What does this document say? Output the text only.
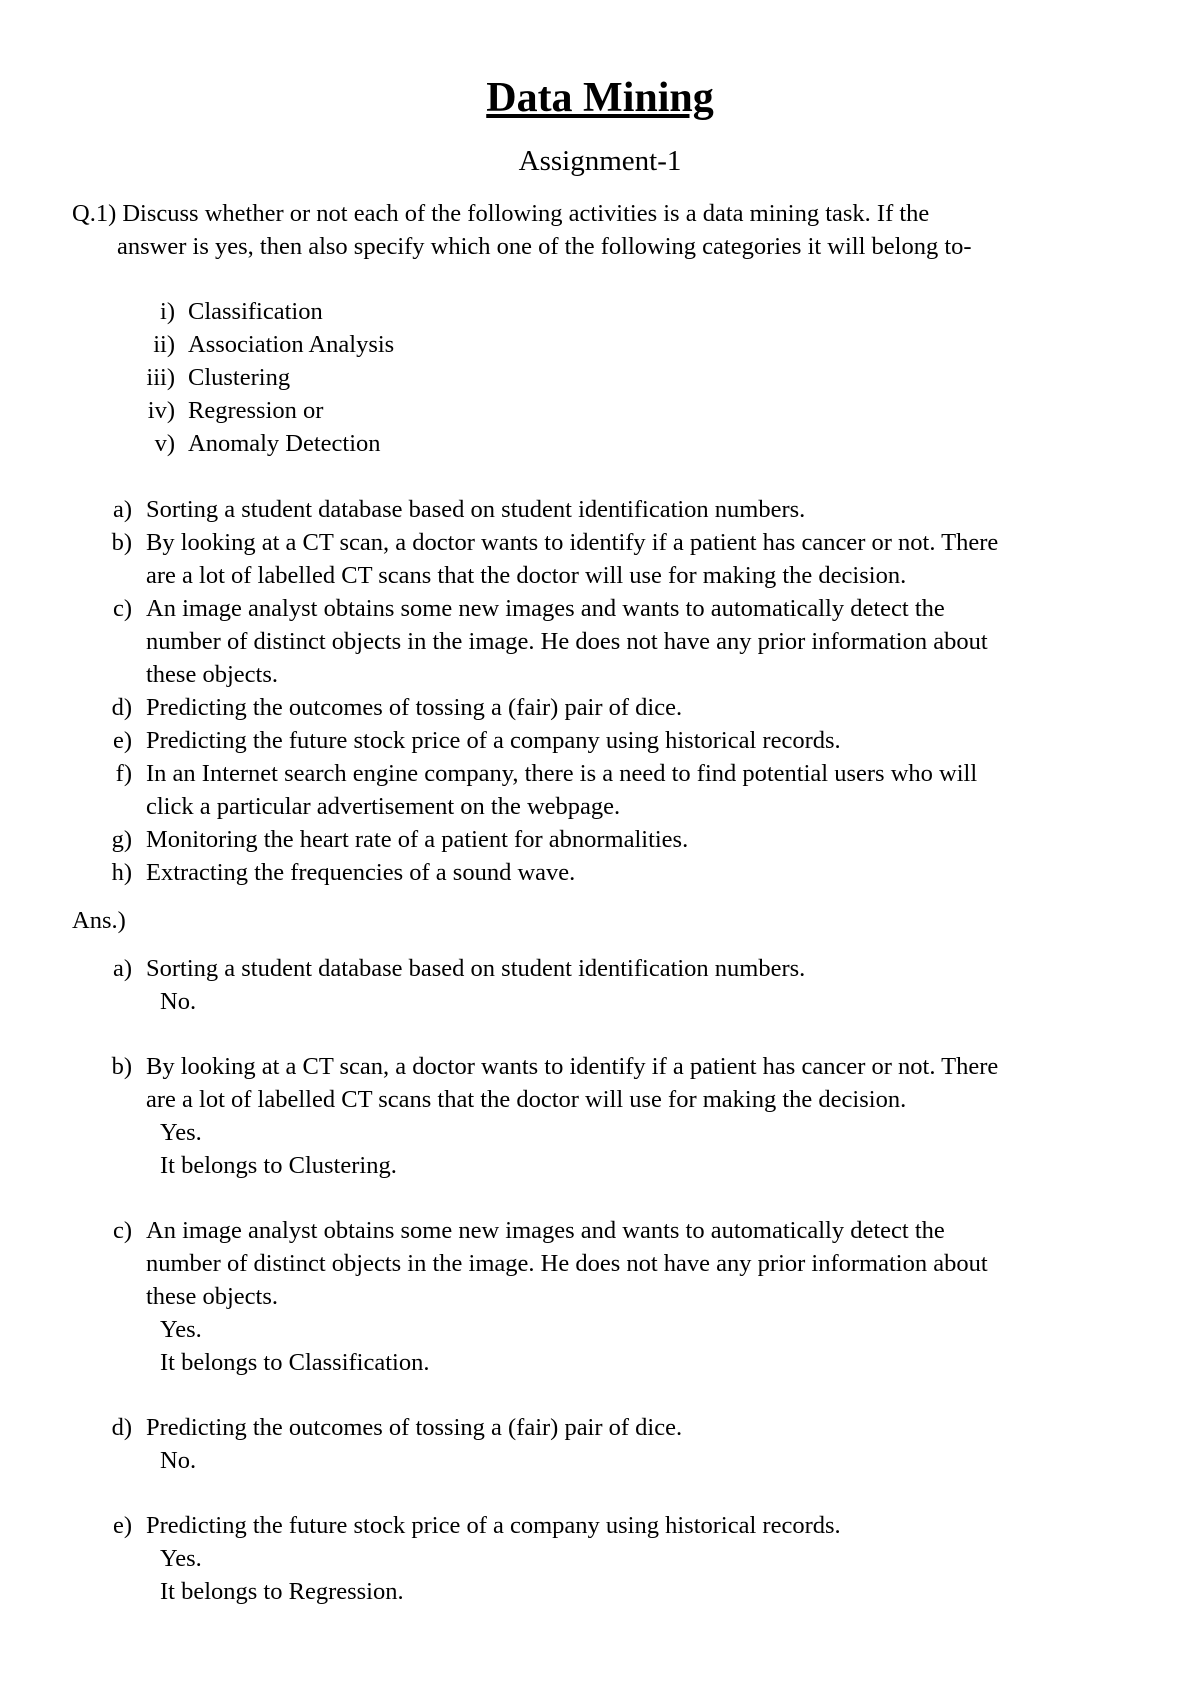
Data Mining
Assignment-1
Q.1) Discuss whether or not each of the following activities is a data mining task. If the
answer is yes, then also specify which one of the following categories it will belong to-
i) Classification
ii) Association Analysis
iii) Clustering
iv) Regression or
v) Anomaly Detection
a) Sorting a student database based on student identification numbers.
b) By looking at a CT scan, a doctor wants to identify if a patient has cancer or not. There
are a lot of labelled CT scans that the doctor will use for making the decision.
c) An image analyst obtains some new images and wants to automatically detect the
number of distinct objects in the image. He does not have any prior information about
these objects.
d) Predicting the outcomes of tossing a (fair) pair of dice.
e) Predicting the future stock price of a company using historical records.
f) In an Internet search engine company, there is a need to find potential users who will
click a particular advertisement on the webpage.
g) Monitoring the heart rate of a patient for abnormalities.
h) Extracting the frequencies of a sound wave.
Ans.)
a) Sorting a student database based on student identification numbers.
No.
b) By looking at a CT scan, a doctor wants to identify if a patient has cancer or not. There
are a lot of labelled CT scans that the doctor will use for making the decision.
Yes.
It belongs to Clustering.
c) An image analyst obtains some new images and wants to automatically detect the
number of distinct objects in the image. He does not have any prior information about
these objects.
Yes.
It belongs to Classification.
d) Predicting the outcomes of tossing a (fair) pair of dice.
No.
e) Predicting the future stock price of a company using historical records.
Yes.
It belongs to Regression.
